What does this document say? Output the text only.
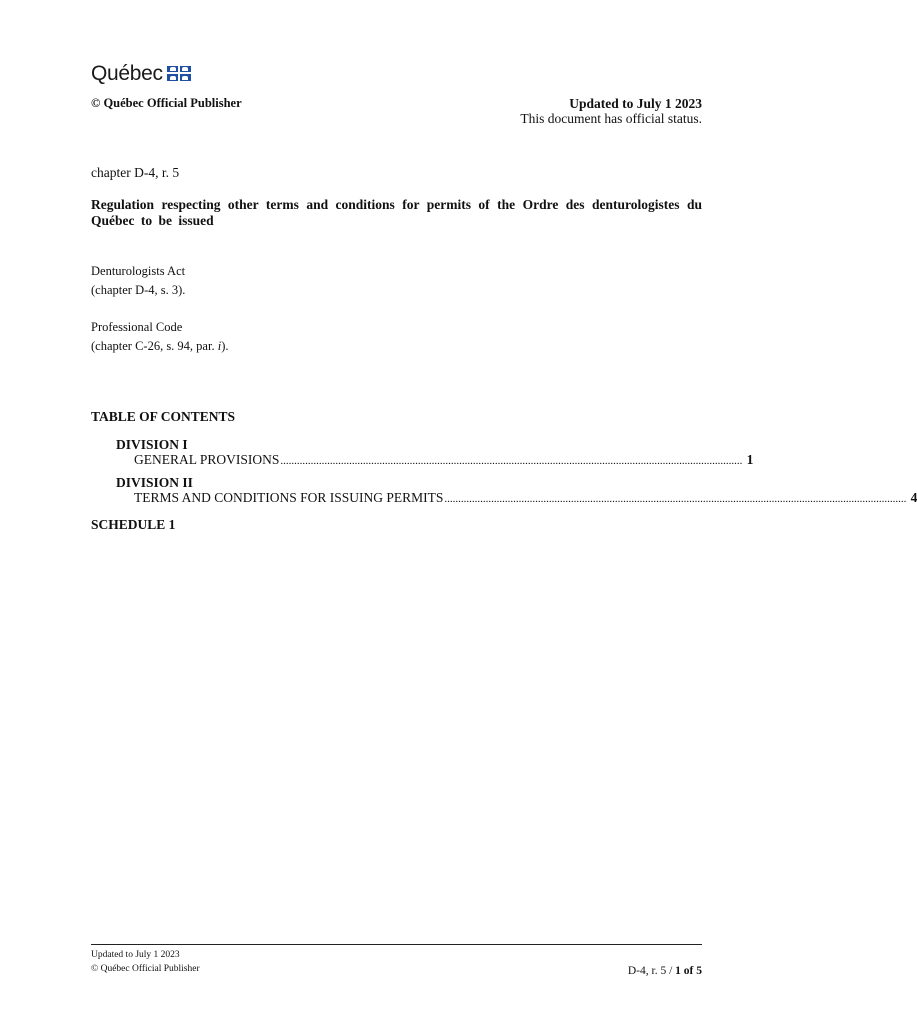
Québec
© Québec Official Publisher	Updated to July 1 2023
This document has official status.
chapter D-4, r. 5
Regulation respecting other terms and conditions for permits of the Ordre des denturologistes du Québec to be issued
Denturologists Act
(chapter D-4, s. 3).
Professional Code
(chapter C-26, s. 94, par. i).
TABLE OF CONTENTS
DIVISION I
GENERAL PROVISIONS ........................................................................................................................................................................ 1
DIVISION II
TERMS AND CONDITIONS FOR ISSUING PERMITS ........................................................................................................................................................................ 4
SCHEDULE 1
Updated to July 1 2023
© Québec Official Publisher	D-4, r. 5 / 1 of 5
